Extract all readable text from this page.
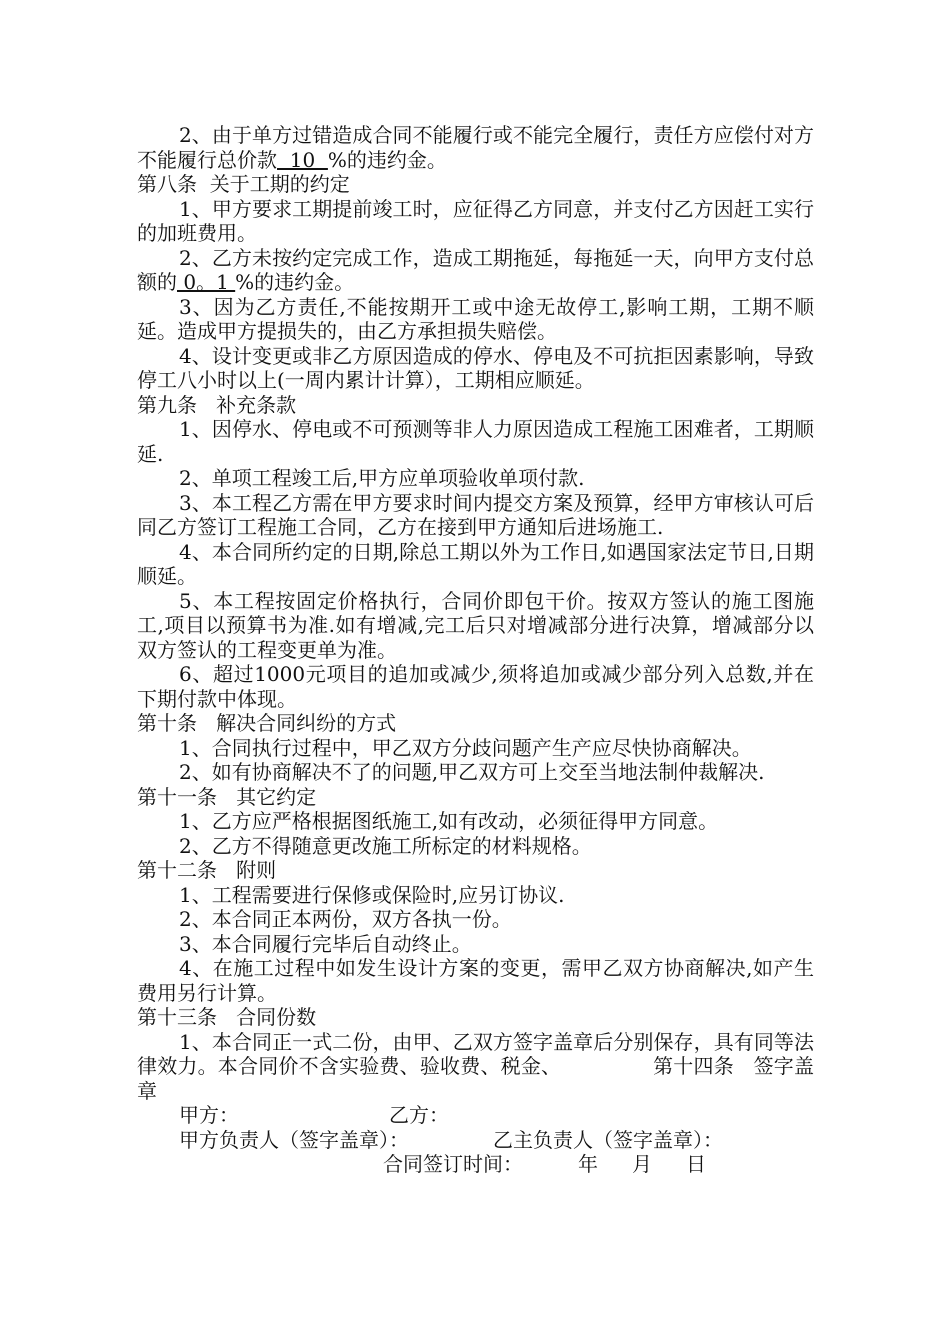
2、由于单方过错造成合同不能履行或不能完全履行，责任方应偿付对方不能履行总价款  10  %的违约金。

第八条  关于工期的约定

1、甲方要求工期提前竣工时，应征得乙方同意，并支付乙方因赶工实行的加班费用。

2、乙方未按约定完成工作，造成工期拖延，每拖延一天，向甲方支付总额的 0。1 %的违约金。

3、因为乙方责任,不能按期开工或中途无故停工,影响工期，工期不顺延。造成甲方提损失的，由乙方承担损失赔偿。

4、设计变更或非乙方原因造成的停水、停电及不可抗拒因素影响，导致停工八小时以上(一周内累计计算），工期相应顺延。

第九条   补充条款

1、因停水、停电或不可预测等非人力原因造成工程施工困难者，工期顺延.

2、单项工程竣工后,甲方应单项验收单项付款.

3、本工程乙方需在甲方要求时间内提交方案及预算，经甲方审核认可后同乙方签订工程施工合同，乙方在接到甲方通知后进场施工.

4、本合同所约定的日期,除总工期以外为工作日,如遇国家法定节日,日期顺延。

5、本工程按固定价格执行，合同价即包干价。按双方签认的施工图施工,项目以预算书为准.如有增减,完工后只对增减部分进行决算，增减部分以双方签认的工程变更单为准。

6、超过1000元项目的追加或减少,须将追加或减少部分列入总数,并在下期付款中体现。

第十条   解决合同纠纷的方式

1、合同执行过程中，甲乙双方分歧问题产生产应尽快协商解决。

2、如有协商解决不了的问题,甲乙双方可上交至当地法制仲裁解决.

第十一条   其它约定

1、乙方应严格根据图纸施工,如有改动，必须征得甲方同意。

2、乙方不得随意更改施工所标定的材料规格。

第十二条   附则

1、工程需要进行保修或保险时,应另订协议.

2、本合同正本两份，双方各执一份。

3、本合同履行完毕后自动终止。

4、在施工过程中如发生设计方案的变更，需甲乙双方协商解决,如产生费用另行计算。

第十三条   合同份数

1、本合同正一式二份，由甲、乙双方签字盖章后分别保存，具有同等法律效力。本合同价不含实验费、验收费、税金、              第十四条   签字盖章

甲方：	乙方：

甲方负责人（签字盖章）：	乙主负责人（签字盖章）：

合同签订时间：	年 月 日
